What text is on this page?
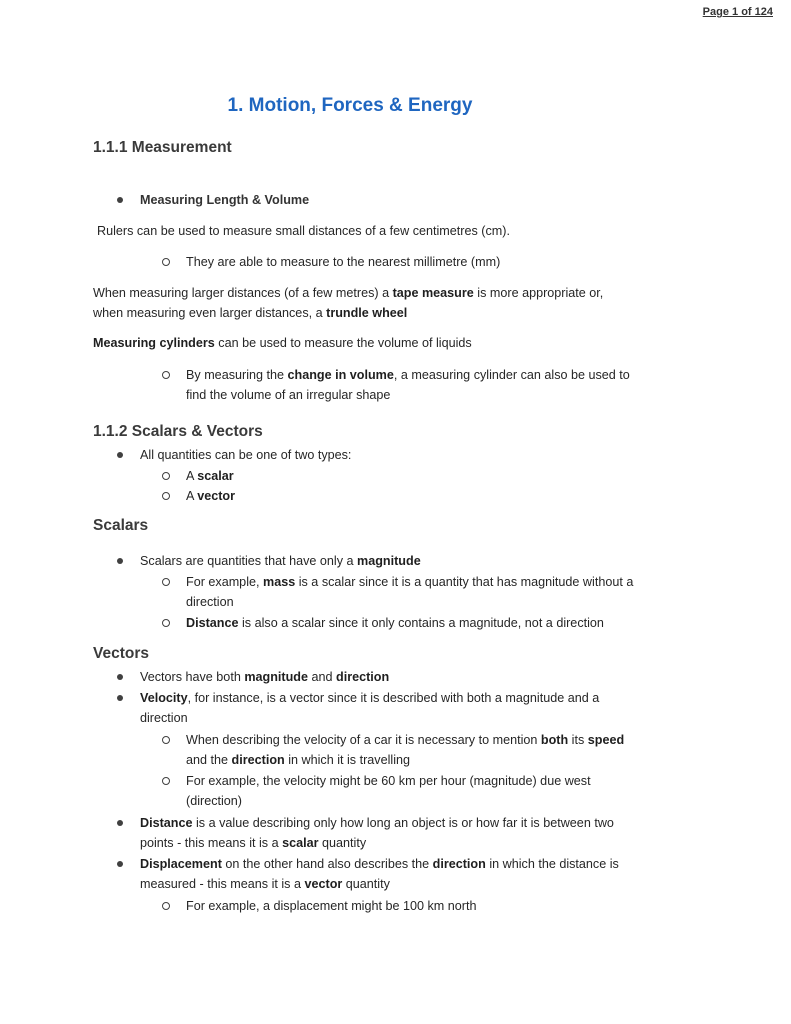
Page 1 of 124
1. Motion, Forces & Energy
1.1.1 Measurement
Measuring Length & Volume
Rulers can be used to measure small distances of a few centimetres (cm).
They are able to measure to the nearest millimetre (mm)
When measuring larger distances (of a few metres) a tape measure is more appropriate or,
when measuring even larger distances, a trundle wheel
Measuring cylinders can be used to measure the volume of liquids
By measuring the change in volume, a measuring cylinder can also be used to
find the volume of an irregular shape
1.1.2 Scalars & Vectors
All quantities can be one of two types:
A scalar
A vector
Scalars
Scalars are quantities that have only a magnitude
For example, mass is a scalar since it is a quantity that has magnitude without a
direction
Distance is also a scalar since it only contains a magnitude, not a direction
Vectors
Vectors have both magnitude and direction
Velocity, for instance, is a vector since it is described with both a magnitude and a
direction
When describing the velocity of a car it is necessary to mention both its speed
and the direction in which it is travelling
For example, the velocity might be 60 km per hour (magnitude) due west
(direction)
Distance is a value describing only how long an object is or how far it is between two
points - this means it is a scalar quantity
Displacement on the other hand also describes the direction in which the distance is
measured - this means it is a vector quantity
For example, a displacement might be 100 km north
